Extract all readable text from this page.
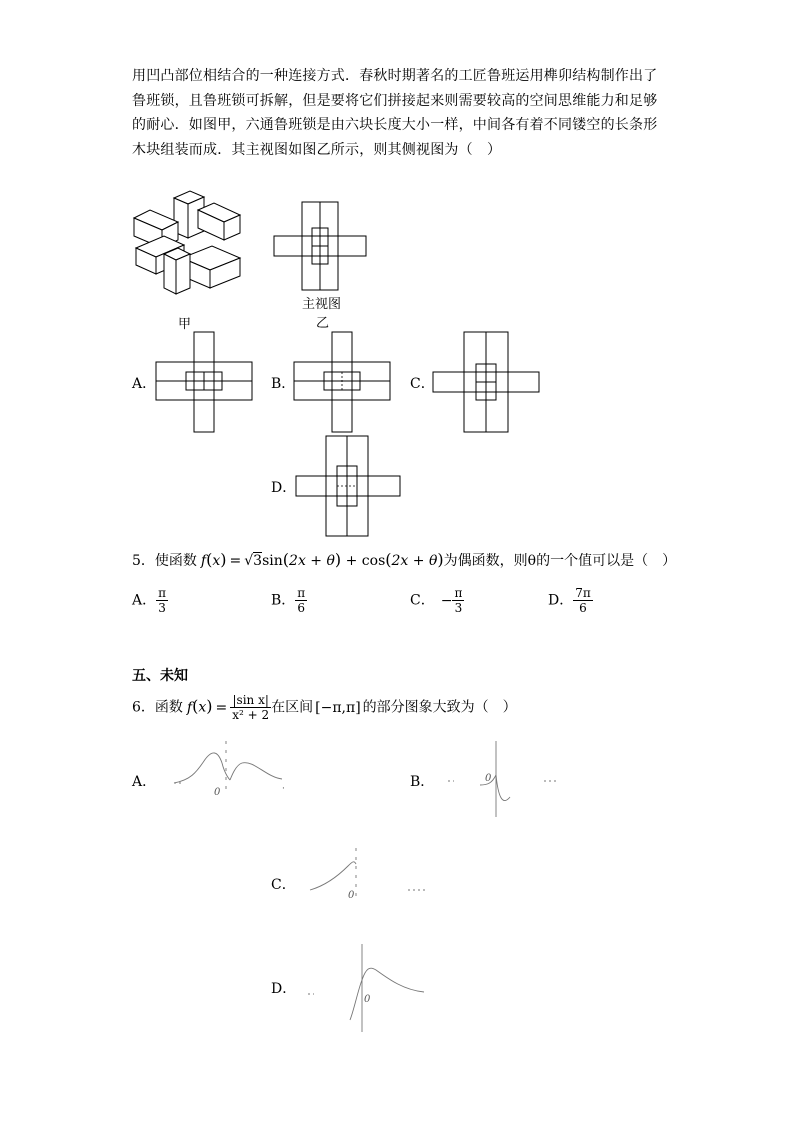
用凹凸部位相结合的一种连接方式．春秋时期著名的工匠鲁班运用榫卯结构制作出了鲁班锁，且鲁班锁可拆解，但是要将它们拼接起来则需要较高的空间思维能力和足够的耐心．如图甲，六通鲁班锁是由六块长度大小一样，中间各有着不同镂空的长条形木块组装而成．其主视图如图乙所示，则其侧视图为（　）
甲
主视图
乙
A．	B．	C．
D．
5．使函数 f(x) = √3sin(2x + θ) + cos(2x + θ)为偶函数，则θ的一个值可以是（　）
A． $\frac{\pi}{3}$	B． $\frac{\pi}{6}$	C． − $\frac{\pi}{3}$	D． $\frac{7\pi}{6}$
五、未知
6．函数 $f(x) = \frac{\text{|sin x|}}{\text{x² + 2}}$ 在区间 [−π,π] 的部分图象大致为（　）
A．
0	·	B．	0
C．
0
D．
0
